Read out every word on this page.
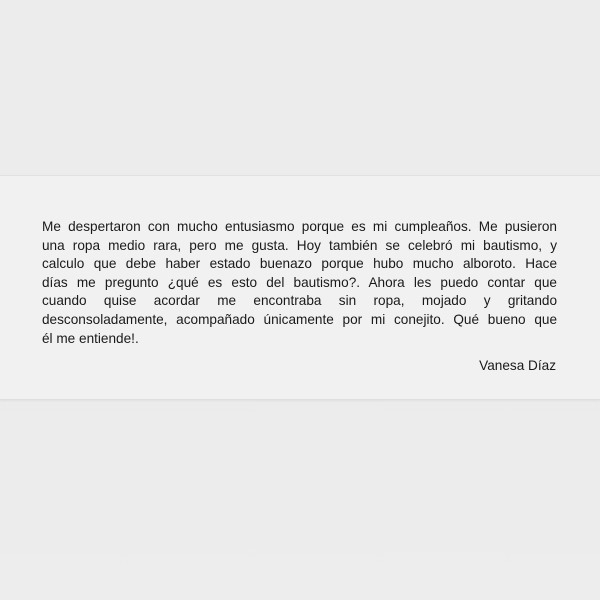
Me despertaron con mucho entusiasmo porque es mi cumpleaños. Me pusieron
una ropa medio rara, pero me gusta. Hoy también se celebró mi bautismo, y
calculo que debe haber estado buenazo porque hubo mucho alboroto. Hace
días me pregunto ¿qué es esto del bautismo?. Ahora les puedo contar que
cuando quise acordar me encontraba sin ropa, mojado y gritando
desconsoladamente, acompañado únicamente por mi conejito. Qué bueno que
él me entiende!.
Vanesa Díaz
